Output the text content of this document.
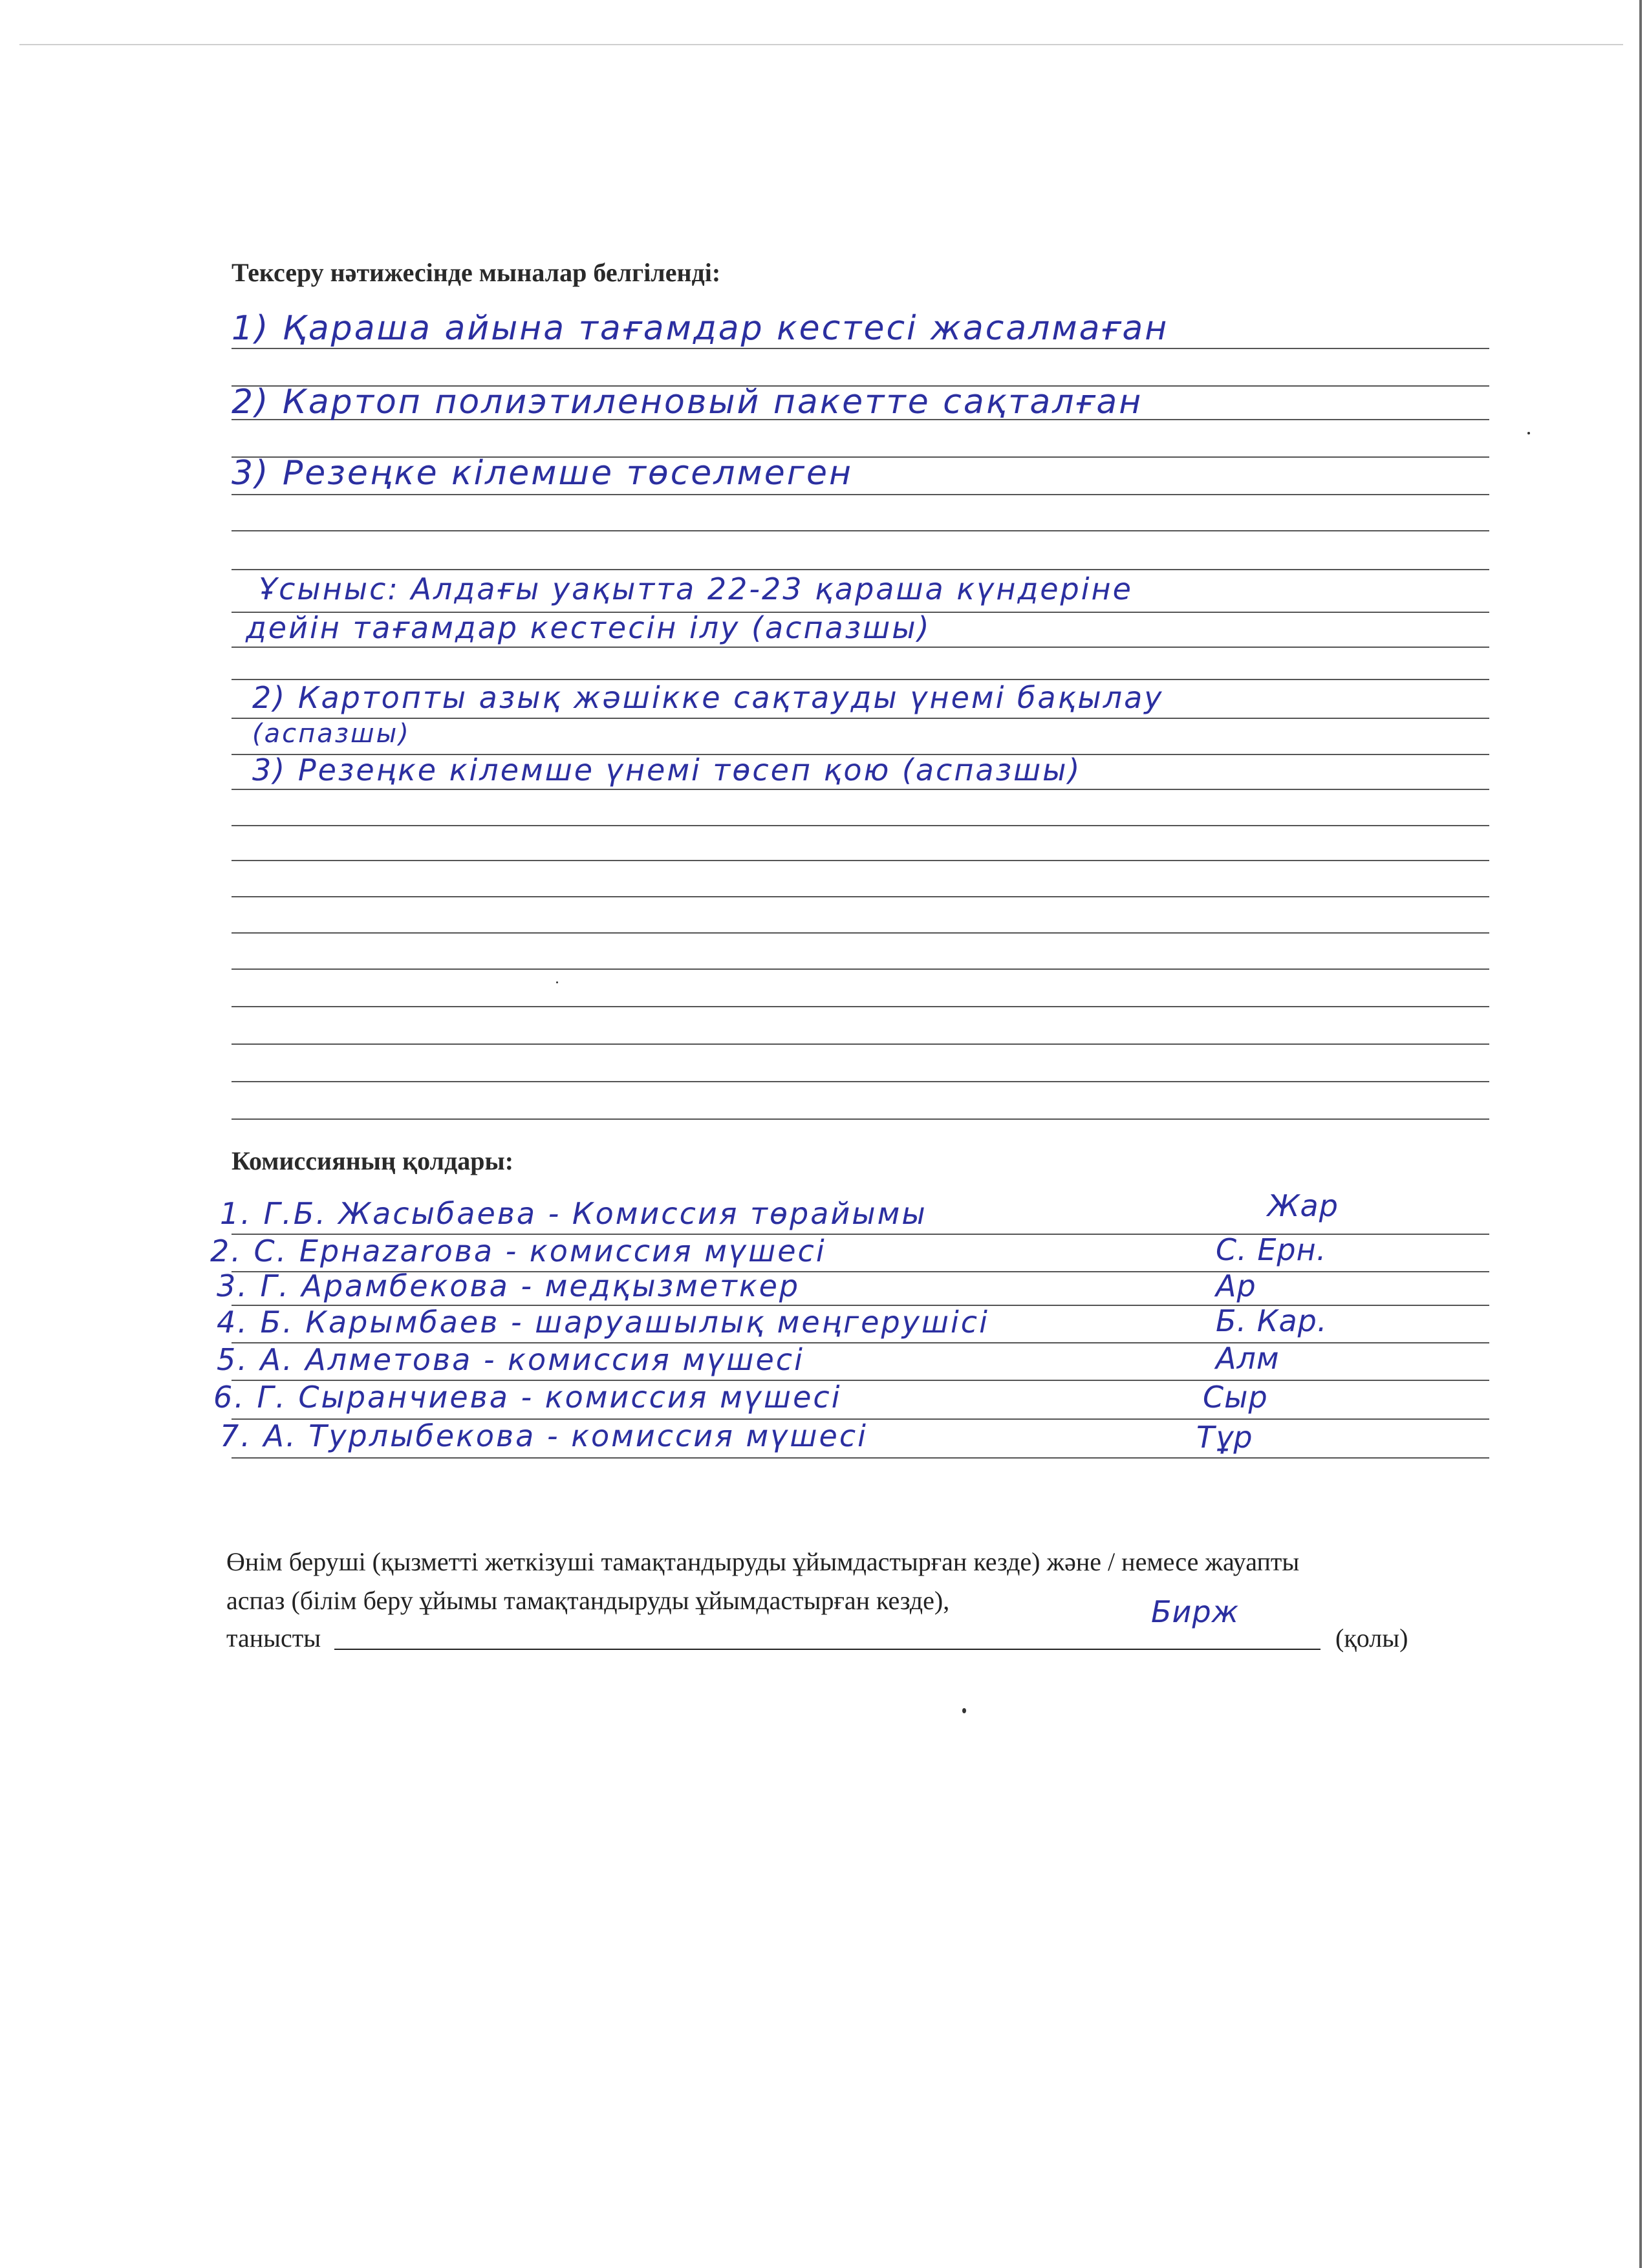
Тексеру нәтижесінде мыналар белгіленді:

1) Қараша айына тағамдар кестесі жасалмаған

2) Картоп полиэтиленовый пакетте сақталған

3) Резеңке кілемше төселмеген

Ұсыныс: Алдағы уақытта 22-23 қараша күндеріне

дейін тағамдар кестесін ілу (аспазшы)

2) Картопты азық жәшікке сақтауды үнемі бақылау

(аспазшы)

3) Резеңке кілемше үнемі төсеп қою (аспазшы)

Комиссияның қолдары:

1. Г.Б. Жасыбаева - Комиссия төрайымы	Жар

2. С. Ернazarова - комиссия мүшесі	С. Ерн.

3. Г. Арамбекова - медқызметкер	Ар

4. Б. Карымбаев - шаруашылық меңгерушісі	Б. Кар.

5. А. Алметова - комиссия мүшесі	Алм

6. Г. Сыранчиева - комиссия мүшесі	Сыр

7. А. Турлыбекова - комиссия мүшесі	Тұр

Өнім беруші (қызметті жеткізуші тамақтандыруды ұйымдастырған кезде) және / немесе жауапты

аспаз (білім беру ұйымы тамақтандыруды ұйымдастырған кезде),

таныcты

Бирж

(қолы)
